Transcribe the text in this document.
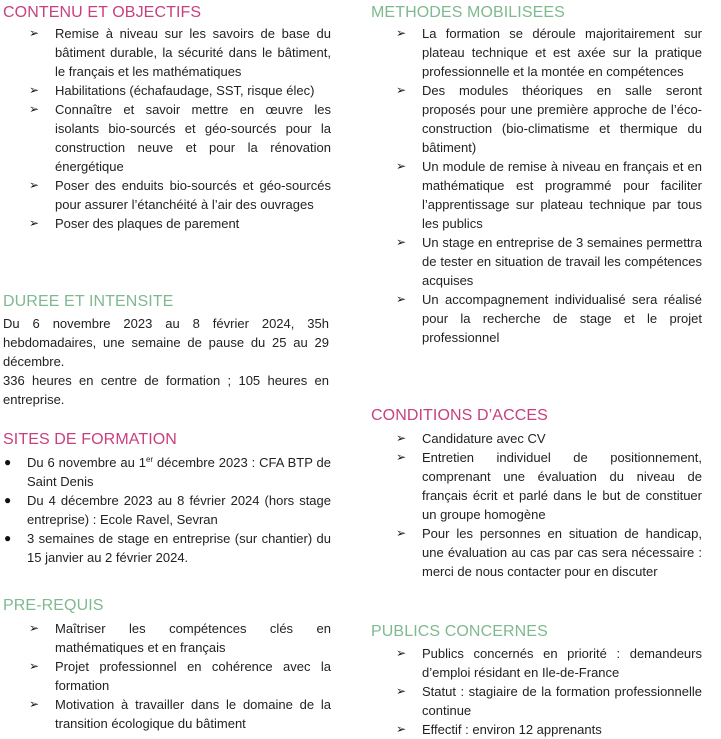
CONTENU ET OBJECTIFS
➢ Remise à niveau sur les savoirs de base du bâtiment durable, la sécurité dans le bâtiment, le français et les mathématiques
➢ Habilitations (échafaudage, SST, risque élec)
➢ Connaître et savoir mettre en œuvre les isolants bio-sourcés et géo-sourcés pour la construction neuve et pour la rénovation énergétique
➢ Poser des enduits bio-sourcés et géo-sourcés pour assurer l’étanchéité à l’air des ouvrages
➢ Poser des plaques de parement
DUREE ET INTENSITE
Du 6 novembre 2023 au 8 février 2024, 35h hebdomadaires, une semaine de pause du 25 au 29 décembre.
336 heures en centre de formation ; 105 heures en entreprise.
SITES DE FORMATION
● Du 6 novembre au 1er décembre 2023 : CFA BTP de Saint Denis
● Du 4 décembre 2023 au 8 février 2024 (hors stage entreprise) : Ecole Ravel, Sevran
● 3 semaines de stage en entreprise (sur chantier) du 15 janvier au 2 février 2024.
PRE-REQUIS
➢ Maîtriser les compétences clés en mathématiques et en français
➢ Projet professionnel en cohérence avec la formation
➢ Motivation à travailler dans le domaine de la transition écologique du bâtiment
METHODES MOBILISEES
➢ La formation se déroule majoritairement sur plateau technique et est axée sur la pratique professionnelle et la montée en compétences
➢ Des modules théoriques en salle seront proposés pour une première approche de l’éco-construction (bio-climatisme et thermique du bâtiment)
➢ Un module de remise à niveau en français et en mathématique est programmé pour faciliter l’apprentissage sur plateau technique par tous les publics
➢ Un stage en entreprise de 3 semaines permettra de tester en situation de travail les compétences acquises
➢ Un accompagnement individualisé sera réalisé pour la recherche de stage et le projet professionnel
CONDITIONS D’ACCES
➢ Candidature avec CV
➢ Entretien individuel de positionnement, comprenant une évaluation du niveau de français écrit et parlé dans le but de constituer un groupe homogène
➢ Pour les personnes en situation de handicap, une évaluation au cas par cas sera nécessaire : merci de nous contacter pour en discuter
PUBLICS CONCERNES
➢ Publics concernés en priorité : demandeurs d’emploi résidant en Ile-de-France
➢ Statut : stagiaire de la formation professionnelle continue
➢ Effectif : environ 12 apprenants
